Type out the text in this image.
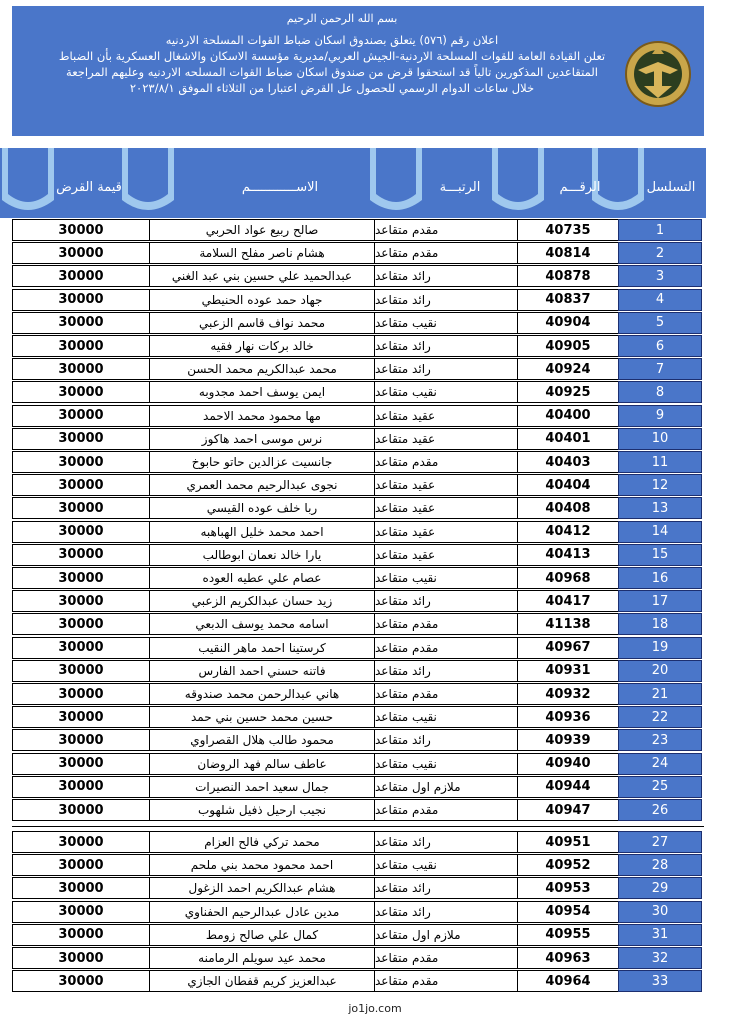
بسم الله الرحمن الرحيم
اعلان رقم (٥٧٦) يتعلق بصندوق اسكان ضباط القوات المسلحة الاردنيه
تعلن القيادة العامة للقوات المسلحة الاردنية-الجيش العربي/مديرية مؤسسة الاسكان والاشغال العسكرية بأن الضباط
المتقاعدين المذكورين تالياً قد استحقوا قرض من صندوق اسكان ضباط القوات المسلحه الاردنيه وعليهم المراجعة
خلال ساعات الدوام الرسمي للحصول عل القرض اعتبارا من الثلاثاء الموفق ٢٠٢٣/٨/١
قيمة القرض	الاســــــــــــم	الرتبـــة	الرقـــم	التسلسل
30000	صالح ربيع عواد الحربي	مقدم متقاعد	40735	1
30000	هشام ناصر مفلح السلامة	مقدم متقاعد	40814	2
30000	عبدالحميد علي حسين بني عبد الغني	رائد متقاعد	40878	3
30000	جهاد حمد عوده الحنيطي	رائد متقاعد	40837	4
30000	محمد نواف قاسم الزعبي	نقيب متقاعد	40904	5
30000	خالد بركات نهار فقيه	رائد متقاعد	40905	6
30000	محمد عبدالكريم محمد الحسن	رائد متقاعد	40924	7
30000	ايمن يوسف احمد مجدوبه	نقيب متقاعد	40925	8
30000	مها محمود محمد الاحمد	عقيد متقاعد	40400	9
30000	نرس موسى احمد هاكوز	عقيد متقاعد	40401	10
30000	جانسيت عزالدين حاتو حابوخ	مقدم متقاعد	40403	11
30000	نجوى عبدالرحيم محمد العمري	عقيد متقاعد	40404	12
30000	ربا خلف عوده القيسي	عقيد متقاعد	40408	13
30000	احمد محمد خليل الهباهبه	عقيد متقاعد	40412	14
30000	يارا خالد نعمان ابوطالب	عقيد متقاعد	40413	15
30000	عصام علي عطيه العوده	نقيب متقاعد	40968	16
30000	زيد حسان عبدالكريم الزعبي	رائد متقاعد	40417	17
30000	اسامه محمد يوسف الدبعي	مقدم متقاعد	41138	18
30000	كرستينا احمد ماهر النقيب	مقدم متقاعد	40967	19
30000	فاتنه حسني احمد الفارس	رائد متقاعد	40931	20
30000	هاني عبدالرحمن محمد صندوقه	مقدم متقاعد	40932	21
30000	حسين محمد حسين بني حمد	نقيب متقاعد	40936	22
30000	محمود طالب هلال القصراوي	رائد متقاعد	40939	23
30000	عاطف سالم فهد الروضان	نقيب متقاعد	40940	24
30000	جمال سعيد احمد النصيرات	ملازم اول متقاعد	40944	25
30000	نجيب ارحيل ذفيل شلهوب	مقدم متقاعد	40947	26
30000	محمد تركي فالح العزام	رائد متقاعد	40951	27
30000	احمد محمود محمد بني ملحم	نقيب متقاعد	40952	28
30000	هشام عبدالكريم احمد الزغول	رائد متقاعد	40953	29
30000	مدين عادل عبدالرحيم الحفناوي	رائد متقاعد	40954	30
30000	كمال علي صالح زومط	ملازم اول متقاعد	40955	31
30000	محمد عيد سويلم الرمامنه	مقدم متقاعد	40963	32
30000	عبدالعزيز كريم قفطان الجازي	مقدم متقاعد	40964	33
jo1jo.com
